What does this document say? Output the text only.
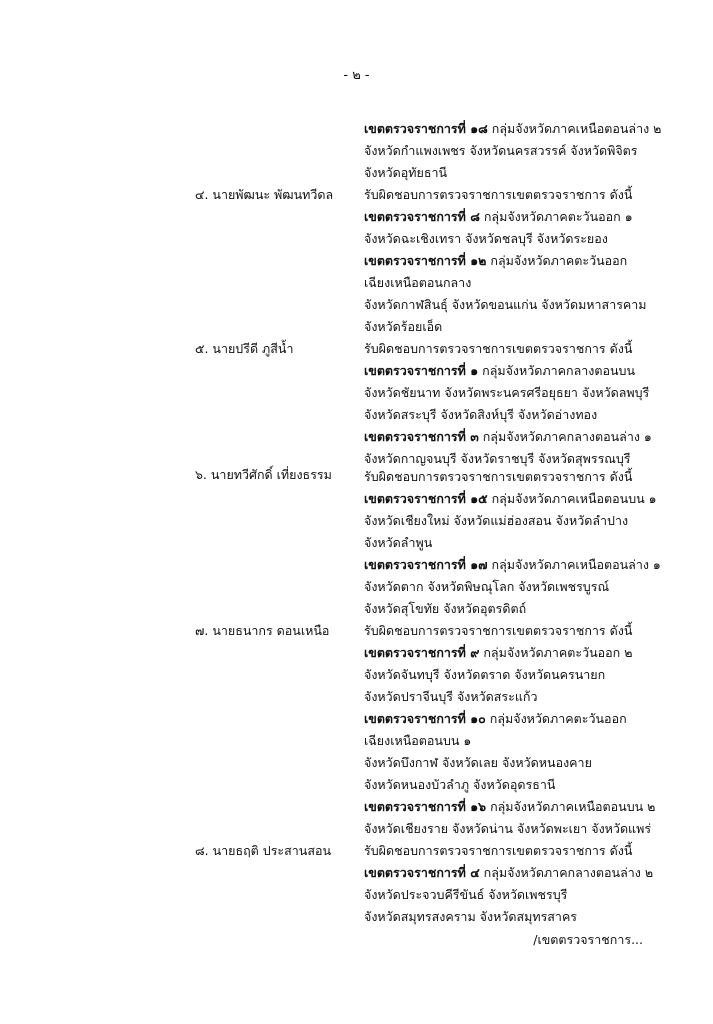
- ๒ -
เขตตรวจราชการที่ ๑๘ กลุ่มจังหวัดภาคเหนือตอนล่าง ๒
จังหวัดกำแพงเพชร จังหวัดนครสวรรค์ จังหวัดพิจิตร
จังหวัดอุทัยธานี
๔. นายพัฒนะ พัฒนทวีดล รับผิดชอบการตรวจราชการเขตตรวจราชการ ดังนี้
เขตตรวจราชการที่ ๘ กลุ่มจังหวัดภาคตะวันออก ๑
จังหวัดฉะเชิงเทรา จังหวัดชลบุรี จังหวัดระยอง
เขตตรวจราชการที่ ๑๒ กลุ่มจังหวัดภาคตะวันออก
เฉียงเหนือตอนกลาง
จังหวัดกาฬสินธุ์ จังหวัดขอนแก่น จังหวัดมหาสารคาม
จังหวัดร้อยเอ็ด
๕. นายปรีดี ภูสีน้ำ	รับผิดชอบการตรวจราชการเขตตรวจราชการ ดังนี้
เขตตรวจราชการที่ ๑ กลุ่มจังหวัดภาคกลางตอนบน
จังหวัดชัยนาท จังหวัดพระนครศรีอยุธยา จังหวัดลพบุรี
จังหวัดสระบุรี จังหวัดสิงห์บุรี จังหวัดอ่างทอง
เขตตรวจราชการที่ ๓ กลุ่มจังหวัดภาคกลางตอนล่าง ๑
จังหวัดกาญจนบุรี จังหวัดราชบุรี จังหวัดสุพรรณบุรี
๖. นายทวีศักดิ์ เที่ยงธรรม	รับผิดชอบการตรวจราชการเขตตรวจราชการ ดังนี้
เขตตรวจราชการที่ ๑๕ กลุ่มจังหวัดภาคเหนือตอนบน ๑
จังหวัดเชียงใหม่ จังหวัดแม่ฮ่องสอน จังหวัดลำปาง
จังหวัดลำพูน
เขตตรวจราชการที่ ๑๗ กลุ่มจังหวัดภาคเหนือตอนล่าง ๑
จังหวัดตาก จังหวัดพิษณุโลก จังหวัดเพชรบูรณ์
จังหวัดสุโขทัย จังหวัดอุตรดิตถ์
๗. นายธนากร ดอนเหนือ	รับผิดชอบการตรวจราชการเขตตรวจราชการ ดังนี้
เขตตรวจราชการที่ ๙ กลุ่มจังหวัดภาคตะวันออก ๒
จังหวัดจันทบุรี จังหวัดตราด จังหวัดนครนายก
จังหวัดปราจีนบุรี จังหวัดสระแก้ว
เขตตรวจราชการที่ ๑๐ กลุ่มจังหวัดภาคตะวันออก
เฉียงเหนือตอนบน ๑
จังหวัดบึงกาฬ จังหวัดเลย จังหวัดหนองคาย
จังหวัดหนองบัวลำภู จังหวัดอุดรธานี
เขตตรวจราชการที่ ๑๖ กลุ่มจังหวัดภาคเหนือตอนบน ๒
จังหวัดเชียงราย จังหวัดน่าน จังหวัดพะเยา จังหวัดแพร่
๘. นายธฤติ ประสานสอน	รับผิดชอบการตรวจราชการเขตตรวจราชการ ดังนี้
เขตตรวจราชการที่ ๔ กลุ่มจังหวัดภาคกลางตอนล่าง ๒
จังหวัดประจวบคีรีขันธ์ จังหวัดเพชรบุรี
จังหวัดสมุทรสงคราม จังหวัดสมุทรสาคร
/เขตตรวจราชการ...
